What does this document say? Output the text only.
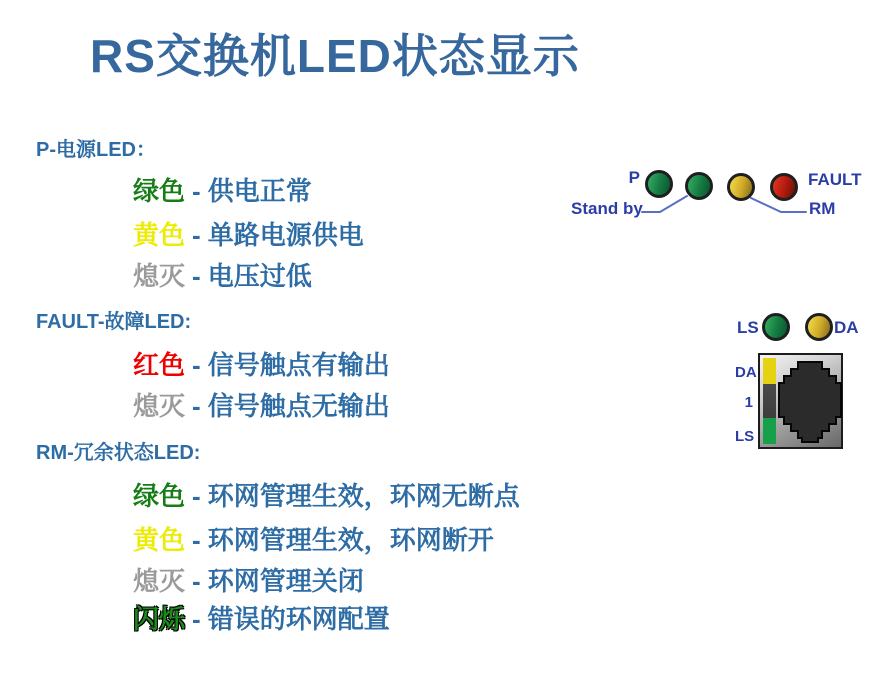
RS交换机LED状态显示
P-电源LED：
绿色 - 供电正常
黄色 - 单路电源供电
熄灭 - 电压过低
FAULT-故障LED:
红色 - 信号触点有输出
熄灭 - 信号触点无输出
RM-冗余状态LED:
绿色 - 环网管理生效，环网无断点
黄色 - 环网管理生效，环网断开
熄灭 - 环网管理关闭
闪烁 - 错误的环网配置
P	FAULT
Stand by	RM
LS	DA
DA
1
LS
